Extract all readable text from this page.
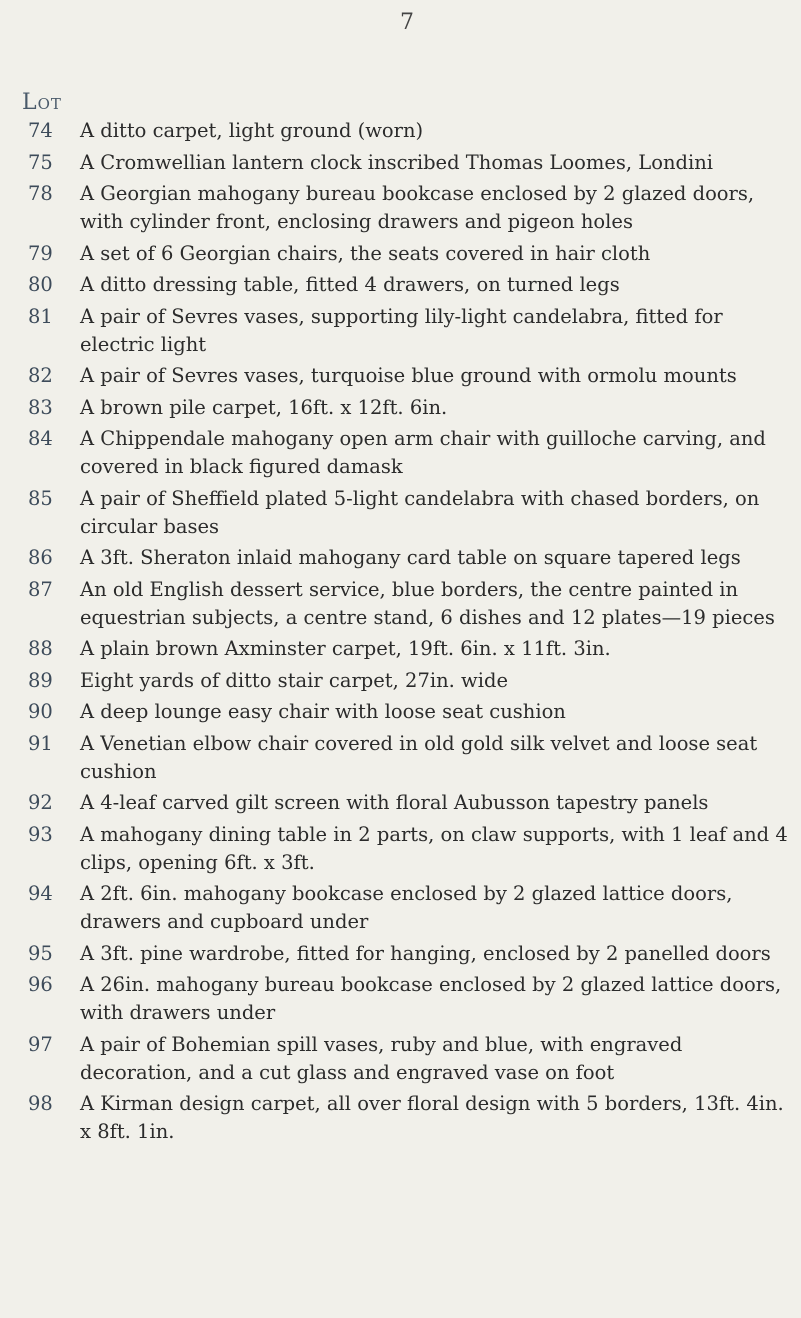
7
Lot
74	A ditto carpet, light ground (worn)
75	A Cromwellian lantern clock inscribed Thomas Loomes, Londini
78	A Georgian mahogany bureau bookcase enclosed by 2 glazed doors, with cylinder front, enclosing drawers and pigeon holes
79	A set of 6 Georgian chairs, the seats covered in hair cloth
80	A ditto dressing table, fitted 4 drawers, on turned legs
81	A pair of Sevres vases, supporting lily-light candelabra, fitted for electric light
82	A pair of Sevres vases, turquoise blue ground with ormolu mounts
83	A brown pile carpet, 16ft. x 12ft. 6in.
84	A Chippendale mahogany open arm chair with guilloche carving, and covered in black figured damask
85	A pair of Sheffield plated 5-light candelabra with chased borders, on circular bases
86	A 3ft. Sheraton inlaid mahogany card table on square tapered legs
87	An old English dessert service, blue borders, the centre painted in equestrian subjects, a centre stand, 6 dishes and 12 plates—19 pieces
88	A plain brown Axminster carpet, 19ft. 6in. x 11ft. 3in.
89	Eight yards of ditto stair carpet, 27in. wide
90	A deep lounge easy chair with loose seat cushion
91	A Venetian elbow chair covered in old gold silk velvet and loose seat cushion
92	A 4-leaf carved gilt screen with floral Aubusson tapestry panels
93	A mahogany dining table in 2 parts, on claw supports, with 1 leaf and 4 clips, opening 6ft. x 3ft.
94	A 2ft. 6in. mahogany bookcase enclosed by 2 glazed lattice doors, drawers and cupboard under
95	A 3ft. pine wardrobe, fitted for hanging, enclosed by 2 panelled doors
96	A 26in. mahogany bureau bookcase enclosed by 2 glazed lattice doors, with drawers under
97	A pair of Bohemian spill vases, ruby and blue, with engraved decoration, and a cut glass and engraved vase on foot
98	A Kirman design carpet, all over floral design with 5 borders, 13ft. 4in. x 8ft. 1in.
